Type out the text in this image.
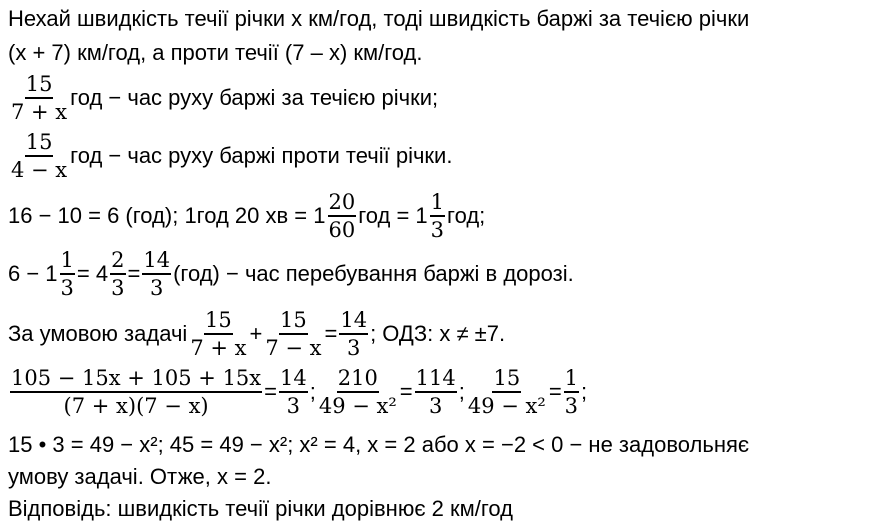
Нехай швидкість течії річки x км/год, тоді швидкість баржі за течією річки
(x + 7) км/год, а проти течії (7 – x) км/год.
$\frac{15}{7 + x}$ год − час руху баржі за течією річки;
$\frac{15}{4 - x}$ год − час руху баржі проти течії річки.
16 − 10 = 6 (год); 1год 20 хв = $1 \frac{20}{60}$ год = $1 \frac{1}{3}$ год;
$6 - 1 \frac{1}{3} = 4 \frac{2}{3} = \frac{14}{3} (год)$ − час перебування баржі в дорозі.
За умовою задачі $\frac{15}{7 + x} + \frac{15}{7 - x} = \frac{14}{3}$ ; ОДЗ: x ≠ ±7.
$\frac{105 - 15x + 105 + 15x}{(7 + x)(7 - x)} = \frac{14}{3}$ ; $\frac{210}{\text{49 − x²}} = \frac{114}{3}$ ; $\frac{15}{\text{49 − x²}} = \frac{1}{3}$ ;
15 • 3 = 49 − x²; 45 = 49 − x²; x² = 4, x = 2 або x = −2 < 0 − не задовольняє
умову задачі. Отже, x = 2.
Відповідь: швидкість течії річки дорівнює 2 км/год
